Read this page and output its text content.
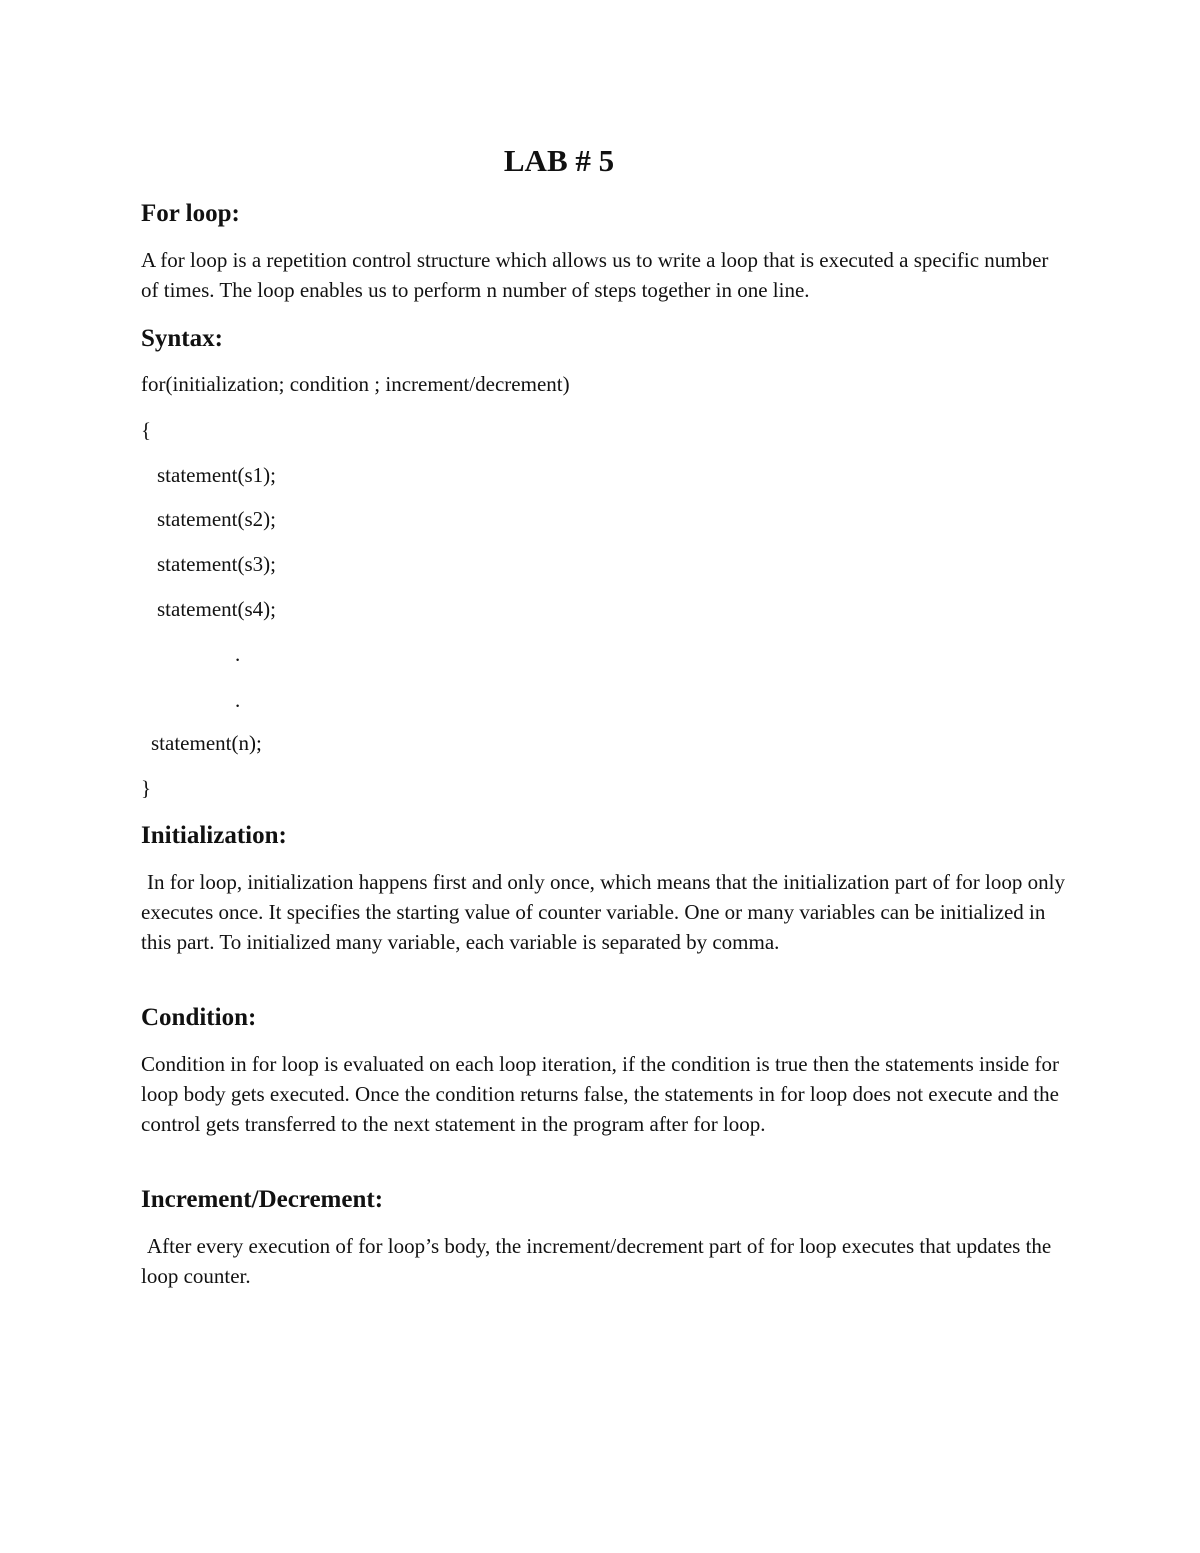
LAB # 5
For loop:
A for loop is a repetition control structure which allows us to write a loop that is executed a specific number of times. The loop enables us to perform n number of steps together in one line.
Syntax:
for(initialization; condition ; increment/decrement)
{
statement(s1);
statement(s2);
statement(s3);
statement(s4);
.
.
statement(n);
}
Initialization:
In for loop, initialization happens first and only once, which means that the initialization part of for loop only executes once. It specifies the starting value of counter variable. One or many variables can be initialized in this part. To initialized many variable, each variable is separated by comma.
Condition:
Condition in for loop is evaluated on each loop iteration, if the condition is true then the statements inside for loop body gets executed. Once the condition returns false, the statements in for loop does not execute and the control gets transferred to the next statement in the program after for loop.
Increment/Decrement:
After every execution of for loop’s body, the increment/decrement part of for loop executes that updates the loop counter.
